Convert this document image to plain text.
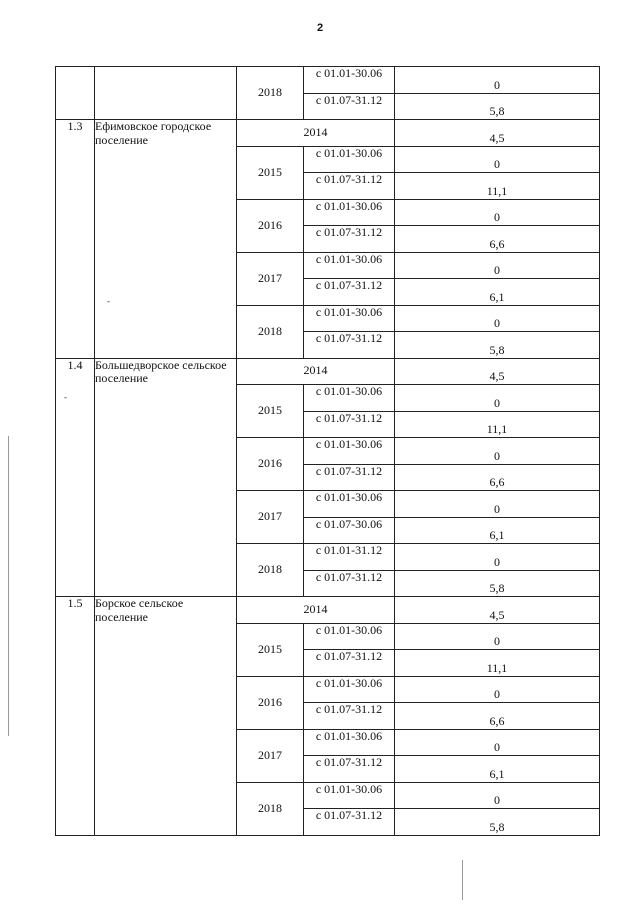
2
		2018	с 01.01-30.06	0
			с 01.07-31.12	5,8
1.3	Ефимовское городское поселение	2014		4,5
		2015	с 01.01-30.06	0
			с 01.07-31.12	11,1
		2016	с 01.01-30.06	0
			с 01.07-31.12	6,6
		2017	с 01.01-30.06	0
			с 01.07-31.12	6,1
		2018	с 01.01-30.06	0
			с 01.07-31.12	5,8
1.4	Большедворское сельское поселение	2014		4,5
		2015	с 01.01-30.06	0
			с 01.07-31.12	11,1
		2016	с 01.01-30.06	0
			с 01.07-31.12	6,6
		2017	с 01.01-30.06	0
			с 01.07-30.06	6,1
		2018	с 01.01-31.12	0
			с 01.07-31.12	5,8
1.5	Борское сельское поселение	2014		4,5
		2015	с 01.01-30.06	0
			с 01.07-31.12	11,1
		2016	с 01.01-30.06	0
			с 01.07-31.12	6,6
		2017	с 01.01-30.06	0
			с 01.07-31.12	6,1
		2018	с 01.01-30.06	0
			с 01.07-31.12	5,8
-
-
